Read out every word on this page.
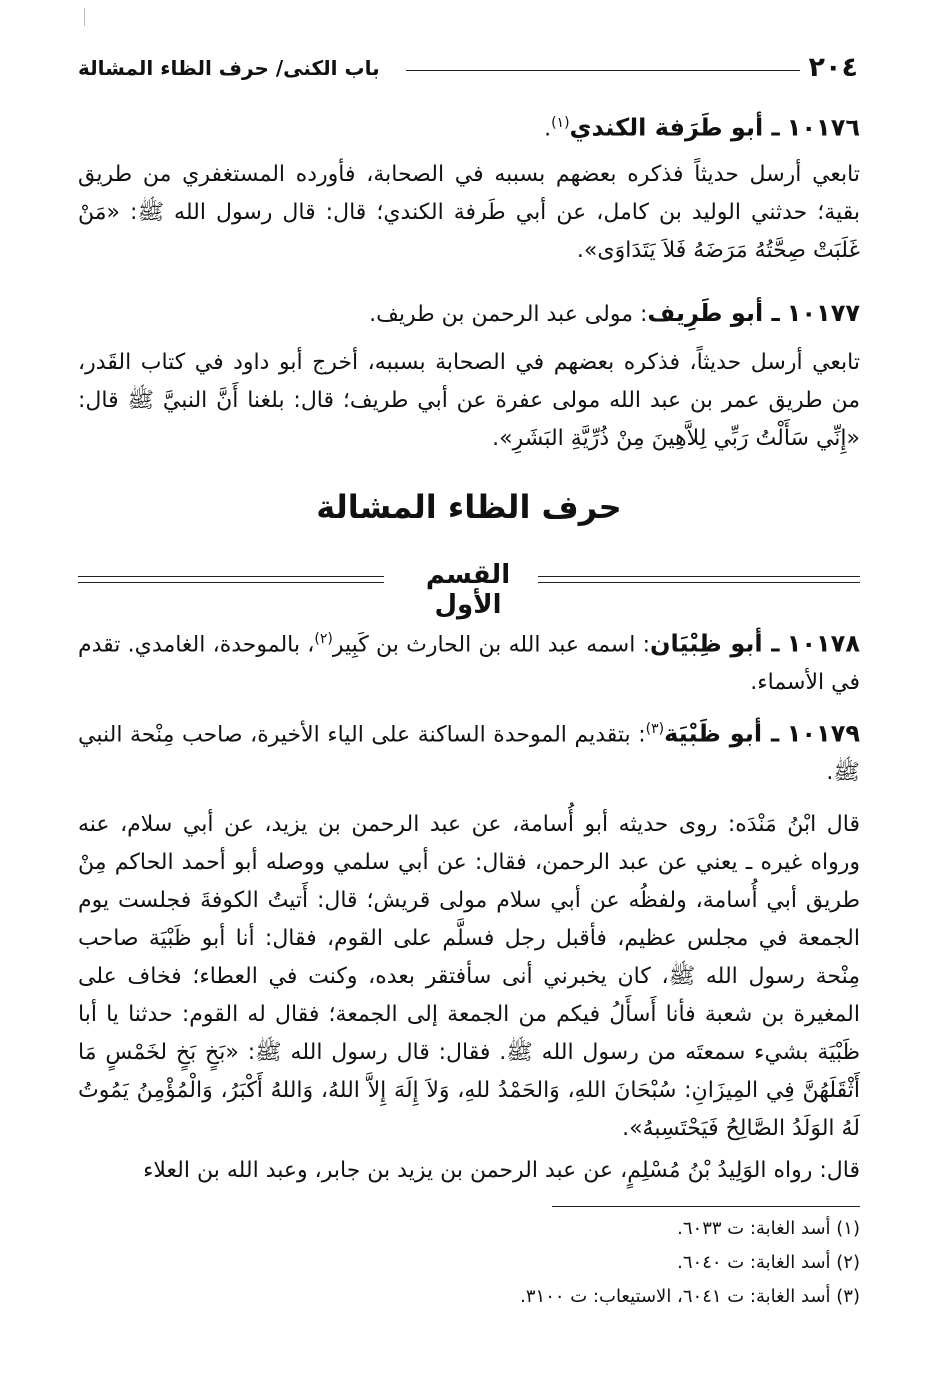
٢٠٤
باب الكنى/ حرف الظاء المشالة

١٠١٧٦ ـ أبو طَرَفة الكندي$^{(١)}$.

تابعي أرسل حديثاً فذكره بعضهم بسببه في الصحابة، فأورده المستغفري من طريق بقية؛ حدثني الوليد بن كامل، عن أبي طَرفة الكندي؛ قال: قال رسول الله ﷺ: «مَنْ غَلَبَتْ صِحَّتُهُ مَرَضَهُ فَلاَ يَتَدَاوَى».

١٠١٧٧ ـ أبو طَرِيف: مولى عبد الرحمن بن طريف.

تابعي أرسل حديثاً، فذكره بعضهم في الصحابة بسببه، أخرج أبو داود في كتاب القَدر، من طريق عمر بن عبد الله مولى عفرة عن أبي طريف؛ قال: بلغنا أَنَّ النبيَّ ﷺ قال: «إِنِّي سَأَلْتُ رَبِّي لِلاَّهِينَ مِنْ ذُرِّيَّةِ البَشَرِ».

حرف الظاء المشالة
القسم الأول

١٠١٧٨ ـ أبو ظِبْيَان: اسمه عبد الله بن الحارث بن كَبِير$^{(٢)}$، بالموحدة، الغامدي. تقدم في الأسماء.

١٠١٧٩ ـ أبو ظَبْيَة$^{(٣)}$: بتقديم الموحدة الساكنة على الياء الأخيرة، صاحب مِنْحة النبي ﷺ.

قال ابْنُ مَنْدَه: روى حديثه أبو أُسامة، عن عبد الرحمن بن يزيد، عن أبي سلام، عنه ورواه غيره ـ يعني عن عبد الرحمن، فقال: عن أبي سلمي ووصله أبو أحمد الحاكم مِنْ طريق أبي أُسامة، ولفظُه عن أبي سلام مولى قريش؛ قال: أَتيتُ الكوفةَ فجلست يوم الجمعة في مجلس عظيم، فأقبل رجل فسلَّم على القوم، فقال: أنا أبو ظَبْيَة صاحب مِنْحة رسول الله ﷺ، كان يخبرني أنى سأفتقر بعده، وكنت في العطاء؛ فخاف على المغيرة بن شعبة فأنا أَسأَلُ فيكم من الجمعة إلى الجمعة؛ فقال له القوم: حدثنا يا أبا ظَبْيَة بشيء سمعتَه من رسول الله ﷺ. فقال: قال رسول الله ﷺ: «بَخٍ بَخٍ لخَمْسٍ مَا أَثْقَلَهُنَّ فِي المِيزَانِ: سُبْحَانَ اللهِ، وَالحَمْدُ للهِ، وَلاَ إِلَهَ إِلاَّ اللهُ، وَاللهُ أَكْبَرُ، وَالْمُؤْمِنُ يَمُوتُ لَهُ الوَلَدُ الصَّالِحُ فَيَحْتَسِبهُ».

قال: رواه الوَلِيدُ بْنُ مُسْلِمٍ، عن عبد الرحمن بن يزيد بن جابر، وعبد الله بن العلاء

(١) أسد الغابة: ت ٦٠٣٣.
(٢) أسد الغابة: ت ٦٠٤٠.
(٣) أسد الغابة: ت ٦٠٤١، الاستيعاب: ت ٣١٠٠.
